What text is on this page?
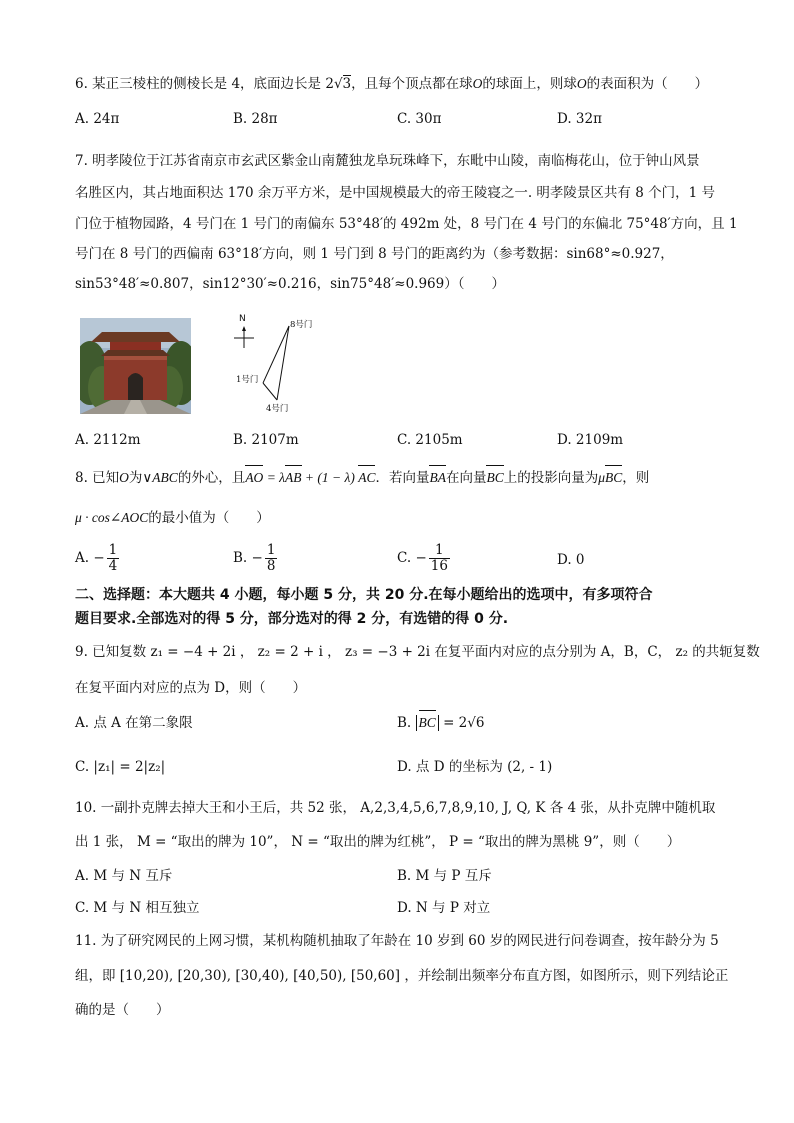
6. 某正三棱柱的侧棱长是 4，底面边长是 2√3，且每个顶点都在球O的球面上，则球O的表面积为（　　）
A. 24π	B. 28π	C. 30π	D. 32π
7. 明孝陵位于江苏省南京市玄武区紫金山南麓独龙阜玩珠峰下，东毗中山陵，南临梅花山，位于钟山风景
名胜区内，其占地面积达 170 余万平方米，是中国规模最大的帝王陵寝之一. 明孝陵景区共有 8 个门，1 号
门位于植物园路，4 号门在 1 号门的南偏东 53°48′的 492m 处，8 号门在 4 号门的东偏北 75°48′方向，且 1
号门在 8 号门的西偏南 63°18′方向，则 1 号门到 8 号门的距离约为（参考数据：sin68°≈0.927，
sin53°48′≈0.807，sin12°30′≈0.216，sin75°48′≈0.969）（　　）
N
8号门
1号门
4号门
A. 2112m	B. 2107m	C. 2105m	D. 2109m
8. 已知O为∨ABC的外心，且AO = λAB + (1 − λ) AC．若向量BA在向量BC上的投影向量为μBC，则
μ · cos∠AOC的最小值为（　　）
A. − $\frac{1}{4}$	B. − $\frac{1}{8}$	C. − $\frac{1}{16}$	D. 0
二、选择题：本大题共 4 小题，每小题 5 分，共 20 分.在每小题给出的选项中，有多项符合
题目要求.全部选对的得 5 分，部分选对的得 2 分，有选错的得 0 分.
9. 已知复数 z₁ = −4 + 2i ， z₂ = 2 + i ， z₃ = −3 + 2i 在复平面内对应的点分别为 A，B，C， z₂ 的共轭复数
在复平面内对应的点为 D，则（　　）
A. 点 A 在第二象限	B. BC = 2√6
C. |z₁| = 2|z₂|	D. 点 D 的坐标为 (2, - 1)
10. 一副扑克牌去掉大王和小王后，共 52 张， A,2,3,4,5,6,7,8,9,10, J, Q, K 各 4 张，从扑克牌中随机取
出 1 张， M = “取出的牌为 10”， N = “取出的牌为红桃”， P = “取出的牌为黑桃 9”，则（　　）
A. M 与 N 互斥	B. M 与 P 互斥
C. M 与 N 相互独立	D. N 与 P 对立
11. 为了研究网民的上网习惯，某机构随机抽取了年龄在 10 岁到 60 岁的网民进行问卷调查，按年龄分为 5
组，即 [10,20), [20,30), [30,40), [40,50), [50,60] ，并绘制出频率分布直方图，如图所示，则下列结论正
确的是（　　）
